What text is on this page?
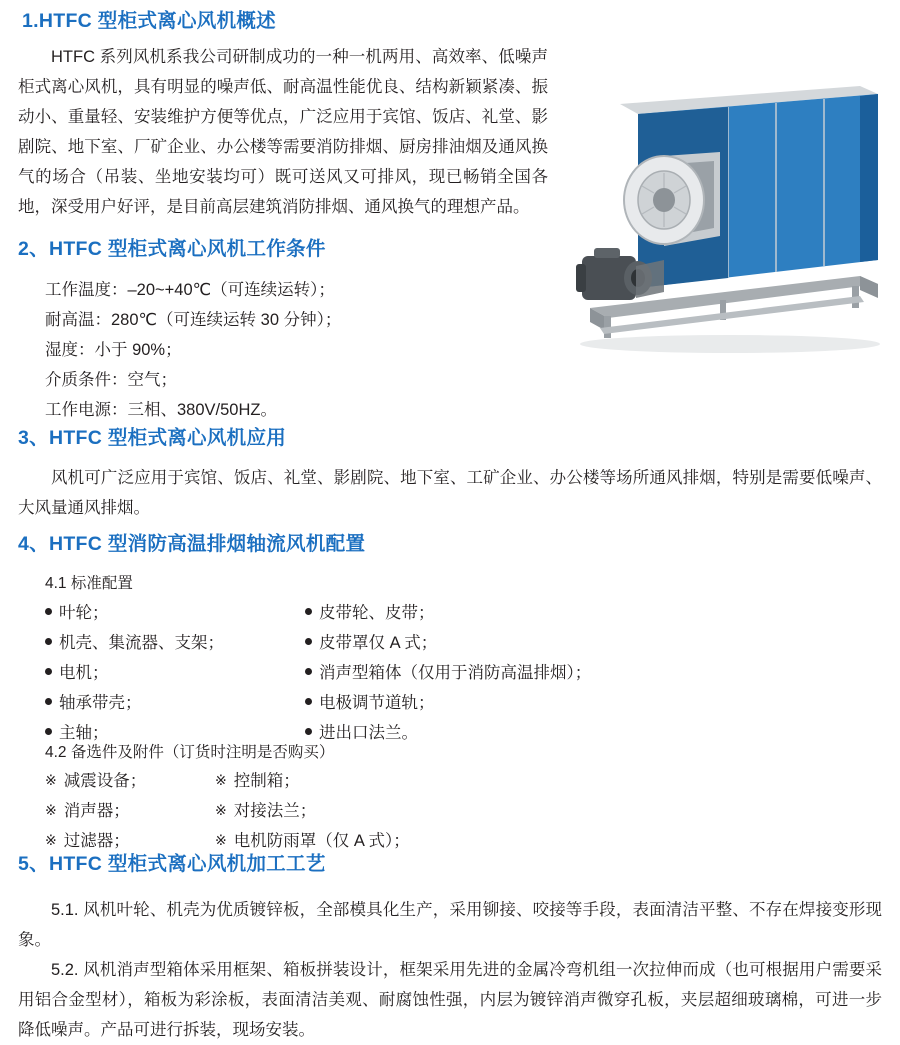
1.HTFC 型柜式离心风机概述
HTFC 系列风机系我公司研制成功的一种一机两用、高效率、低噪声柜式离心风机，具有明显的噪声低、耐高温性能优良、结构新颖紧凑、振动小、重量轻、安装维护方便等优点，广泛应用于宾馆、饭店、礼堂、影剧院、地下室、厂矿企业、办公楼等需要消防排烟、厨房排油烟及通风换气的场合（吊装、坐地安装均可）既可送风又可排风，现已畅销全国各地，深受用户好评，是目前高层建筑消防排烟、通风换气的理想产品。
2、HTFC 型柜式离心风机工作条件
工作温度：–20~+40℃（可连续运转）；
耐高温：280℃（可连续运转 30 分钟）；
湿度：小于 90%；
介质条件：空气；
工作电源：三相、380V/50HZ。
3、HTFC 型柜式离心风机应用
风机可广泛应用于宾馆、饭店、礼堂、影剧院、地下室、工矿企业、办公楼等场所通风排烟，特别是需要低噪声、大风量通风排烟。
4、HTFC 型消防高温排烟轴流风机配置
4.1 标准配置
叶轮；	皮带轮、皮带；
机壳、集流器、支架；	皮带罩仅 A 式；
电机；	消声型箱体（仅用于消防高温排烟）；
轴承带壳；	电极调节道轨；
主轴；	进出口法兰。
4.2 备选件及附件（订货时注明是否购买）
※ 减震设备；	※ 控制箱；
※ 消声器；	※ 对接法兰；
※ 过滤器；	※ 电机防雨罩（仅 A 式）；
5、HTFC 型柜式离心风机加工工艺
5.1. 风机叶轮、机壳为优质镀锌板，全部模具化生产，采用铆接、咬接等手段，表面清洁平整、不存在焊接变形现象。
5.2. 风机消声型箱体采用框架、箱板拼装设计，框架采用先进的金属冷弯机组一次拉伸而成（也可根据用户需要采用铝合金型材），箱板为彩涂板，表面清洁美观、耐腐蚀性强，内层为镀锌消声微穿孔板，夹层超细玻璃棉，可进一步降低噪声。产品可进行拆装，现场安装。
